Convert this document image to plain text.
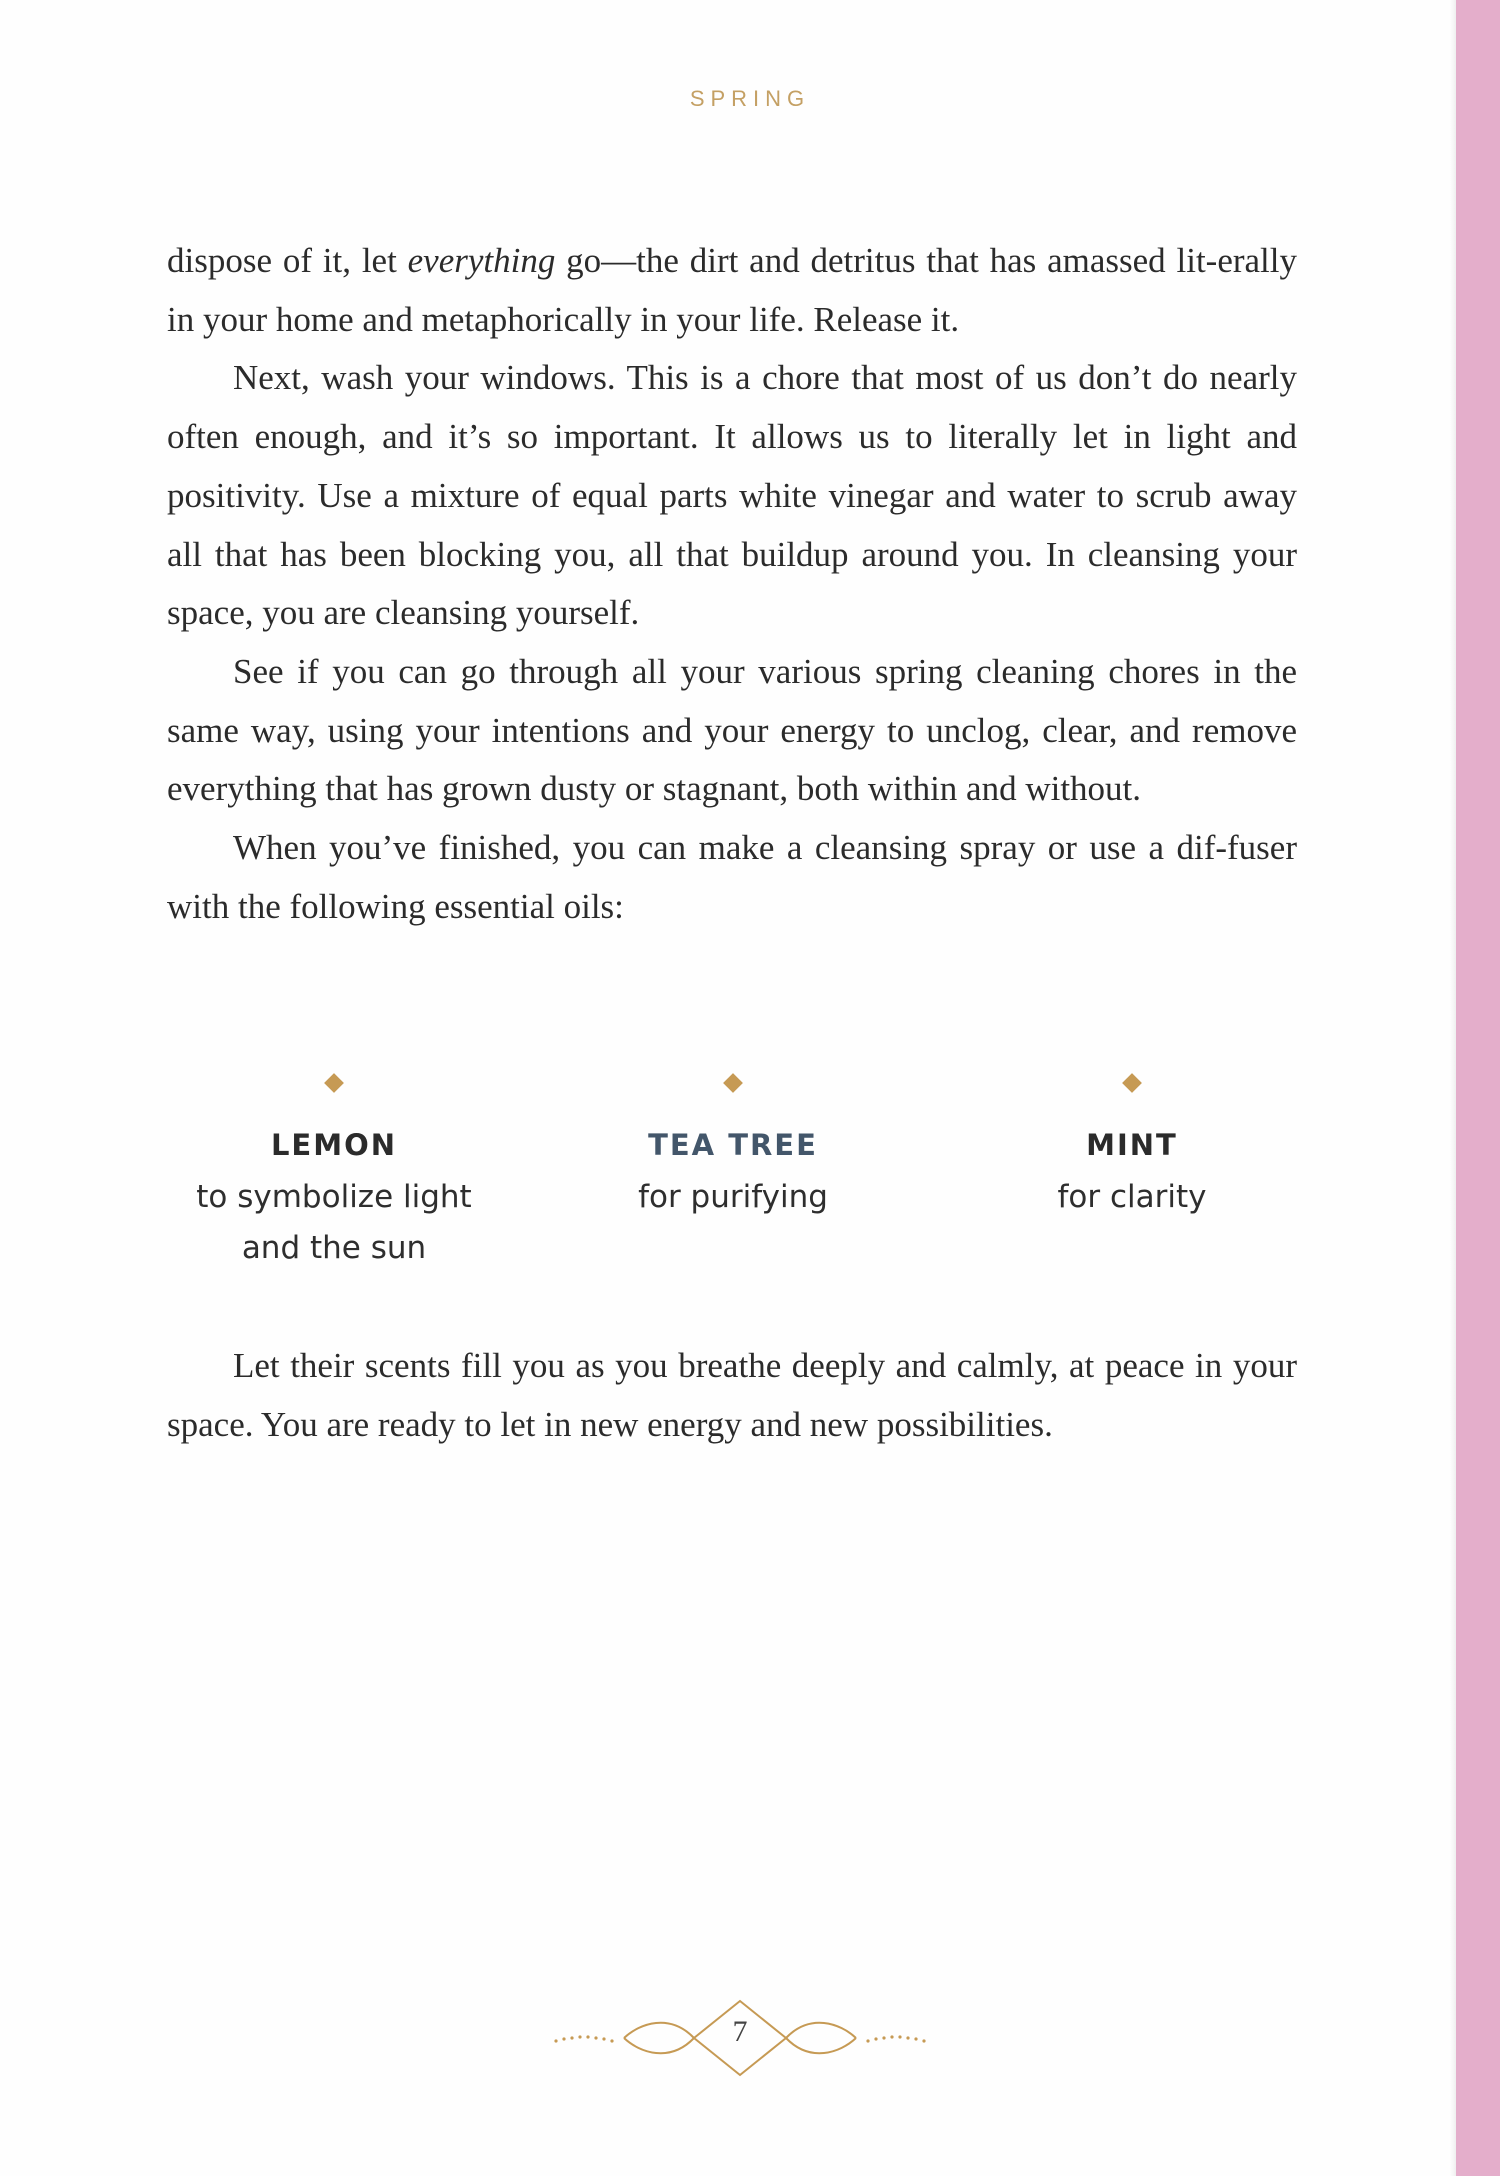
SPRING

dispose of it, let everything go—the dirt and detritus that has amassed lit-erally in your home and metaphorically in your life. Release it.

Next, wash your windows. This is a chore that most of us don’t do nearly often enough, and it’s so important. It allows us to literally let in light and positivity. Use a mixture of equal parts white vinegar and water to scrub away all that has been blocking you, all that buildup around you. In cleansing your space, you are cleansing yourself.

See if you can go through all your various spring cleaning chores in the same way, using your intentions and your energy to unclog, clear, and remove everything that has grown dusty or stagnant, both within and without.

When you’ve finished, you can make a cleansing spray or use a dif-fuser with the following essential oils:

LEMON
to symbolize light
and the sun
TEA TREE
for purifying
MINT
for clarity

Let their scents fill you as you breathe deeply and calmly, at peace in your space. You are ready to let in new energy and new possibilities.

7
